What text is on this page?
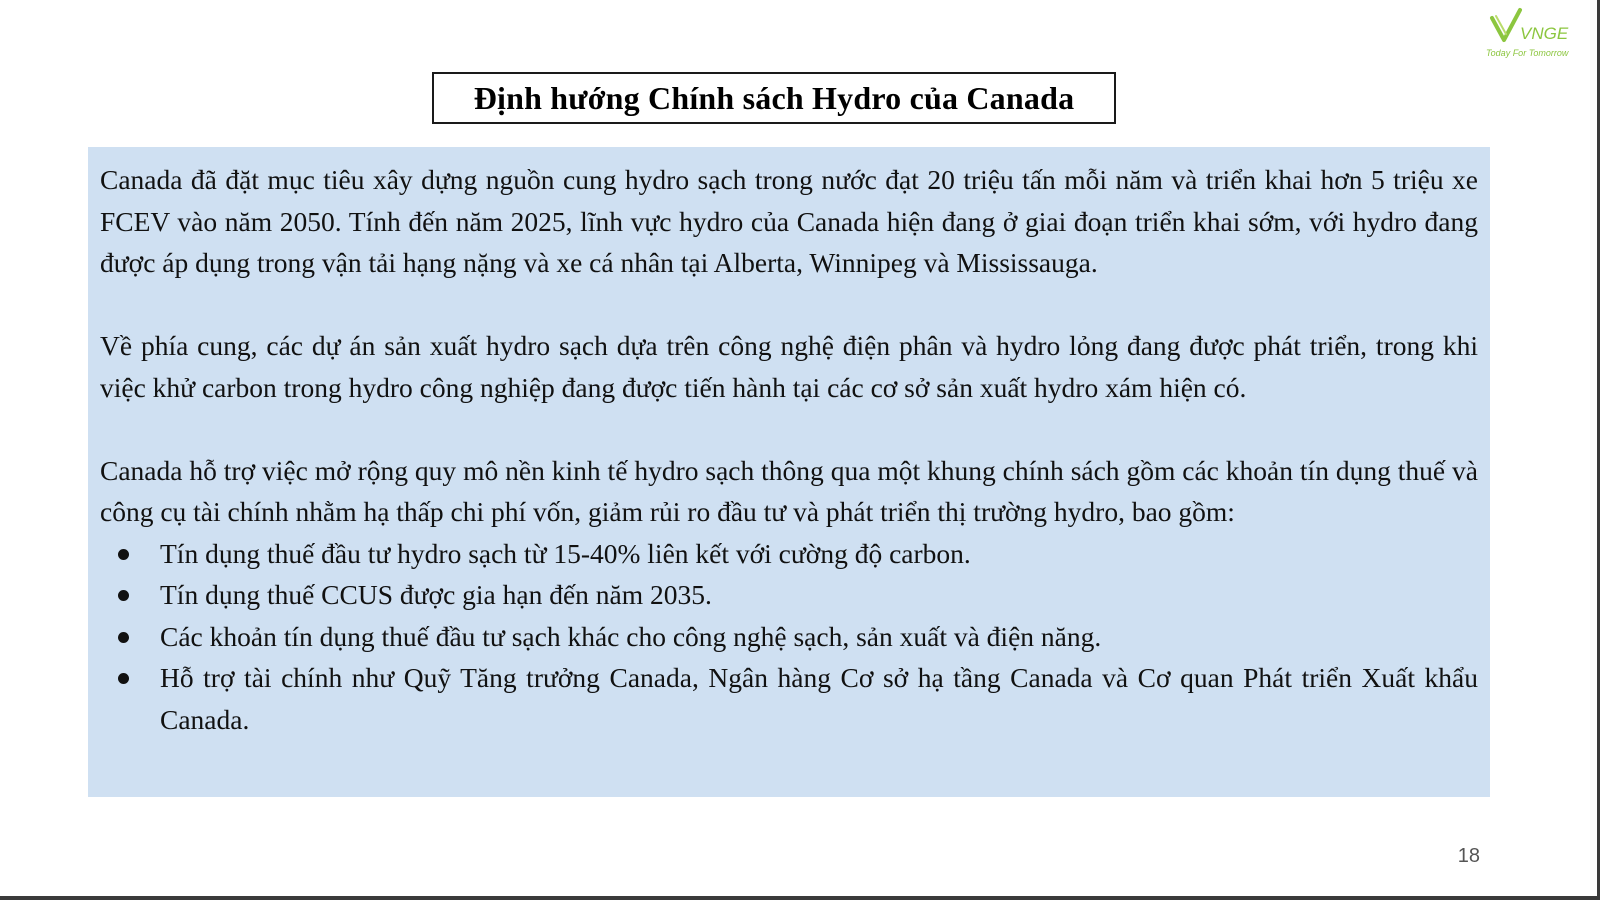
VNGE
Today For Tomorrow
Định hướng Chính sách Hydro của Canada

Canada đã đặt mục tiêu xây dựng nguồn cung hydro sạch trong nước đạt 20 triệu tấn mỗi năm và triển khai hơn 5 triệu xe FCEV vào năm 2050. Tính đến năm 2025, lĩnh vực hydro của Canada hiện đang ở giai đoạn triển khai sớm, với hydro đang được áp dụng trong vận tải hạng nặng và xe cá nhân tại Alberta, Winnipeg và Mississauga.

Về phía cung, các dự án sản xuất hydro sạch dựa trên công nghệ điện phân và hydro lỏng đang được phát triển, trong khi việc khử carbon trong hydro công nghiệp đang được tiến hành tại các cơ sở sản xuất hydro xám hiện có.

Canada hỗ trợ việc mở rộng quy mô nền kinh tế hydro sạch thông qua một khung chính sách gồm các khoản tín dụng thuế và công cụ tài chính nhằm hạ thấp chi phí vốn, giảm rủi ro đầu tư và phát triển thị trường hydro, bao gồm:

Tín dụng thuế đầu tư hydro sạch từ 15-40% liên kết với cường độ carbon.
Tín dụng thuế CCUS được gia hạn đến năm 2035.
Các khoản tín dụng thuế đầu tư sạch khác cho công nghệ sạch, sản xuất và điện năng.
Hỗ trợ tài chính như Quỹ Tăng trưởng Canada, Ngân hàng Cơ sở hạ tầng Canada và Cơ quan Phát triển Xuất khẩu Canada.
18
